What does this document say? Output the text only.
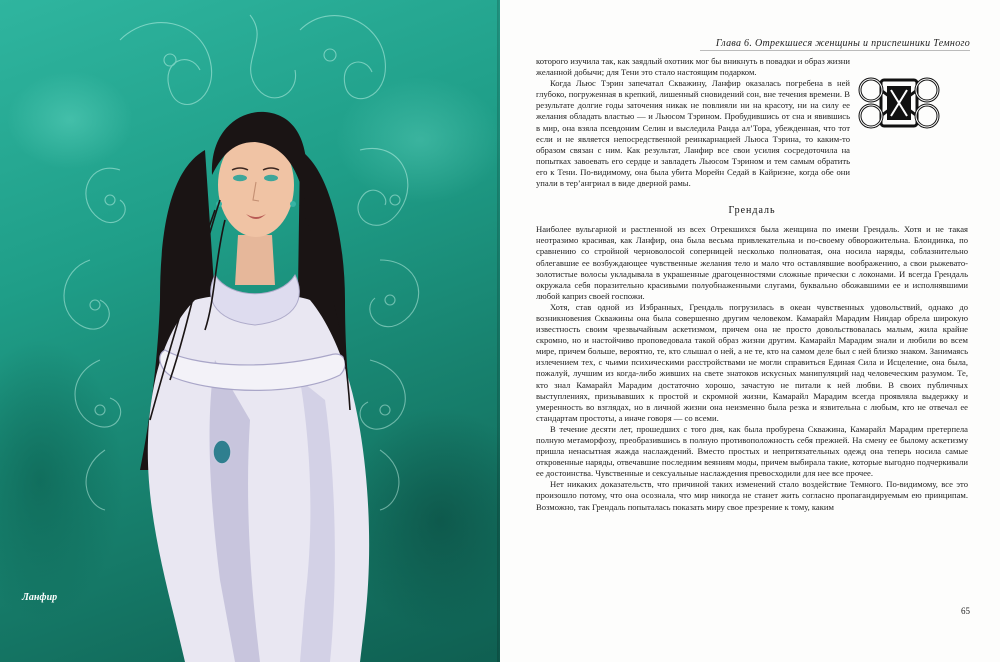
Ланфир
Глава 6. Отрекшиеся женщины и приспешники Темного

которого изучила так, как заядлый охотник мог бы вникнуть в повадки и образ жизни желанной добычи; для Тени это стало настоящим подарком.

Когда Льюс Тэрин запечатал Скважину, Ланфир оказалась погребена в ней глубоко, погруженная в крепкий, лишенный сновидений сон, вне течения времени. В результате долгие годы заточения никак не повлияли ни на красоту, ни на силу ее желания обладать властью — и Льюсом Тэрином. Пробудившись от сна и явившись в мир, она взяла псевдоним Селин и выследила Ранда ал’Тора, убежденная, что тот если и не является непосредственной реинкарнацией Льюса Тэрина, то каким-то образом связан с ним. Как результат, Ланфир все свои усилия сосредоточила на попытках завоевать его сердце и завладеть Льюсом Тэрином и тем самым обратить его к Тени. По-видимому, она была убита Морейн Седай в Кайриэне, когда обе они упали в тер’ангриал в виде дверной рамы.

Грендаль

Наиболее вульгарной и растленной из всех Отрекшихся была женщина по имени Грендаль. Хотя и не такая неотразимо красивая, как Ланфир, она была весьма привлекательна и по-своему обворожительна. Блондинка, по сравнению со стройной черноволосой соперницей несколько полноватая, она носила наряды, соблазнительно облегавшие ее возбуждающее чувственные желания тело и мало что оставлявшие воображению, а свои рыжевато-золотистые волосы укладывала в украшенные драгоценностями сложные прически с локонами. И всегда Грендаль окружала себя поразительно красивыми полуобнаженными слугами, буквально обожавшими ее и исполнявшими любой каприз своей госпожи.

Хотя, став одной из Избранных, Грендаль погрузилась в океан чувственных удовольствий, однако до возникновения Скважины она была совершенно другим человеком. Камарайл Марадим Ниндар обрела широкую известность своим чрезвычайным аскетизмом, причем она не просто довольствовалась малым, жила крайне скромно, но и настойчиво проповедовала такой образ жизни другим. Камарайл Марадим знали и любили во всем мире, причем больше, вероятно, те, кто слышал о ней, а не те, кто на самом деле был с ней близко знаком. Занимаясь излечением тех, с чьими психическими расстройствами не могли справиться Единая Сила и Исцеление, она была, пожалуй, лучшим из когда-либо живших на свете знатоков искусных манипуляций над человеческим разумом. Те, кто знал Камарайл Марадим достаточно хорошо, зачастую не питали к ней любви. В своих публичных выступлениях, призывавших к простой и скромной жизни, Камарайл Марадим всегда проявляла выдержку и умеренность во взглядах, но в личной жизни она неизменно была резка и язвительна с любым, кто не отвечал ее стандартам простоты, а иначе говоря — со всеми.

В течение десяти лет, прошедших с того дня, как была пробурена Скважина, Камарайл Марадим претерпела полную метаморфозу, преобразившись в полную противоположность себя прежней. На смену ее былому аскетизму пришла ненасытная жажда наслаждений. Вместо простых и непритязательных одежд она теперь носила самые откровенные наряды, отвечавшие последним веяниям моды, причем выбирала такие, которые выгодно подчеркивали ее достоинства. Чувственные и сексуальные наслаждения превосходили для нее все прочее.

Нет никаких доказательств, что причиной таких изменений стало воздействие Темного. По-видимому, все это произошло потому, что она осознала, что мир никогда не станет жить согласно пропагандируемым ею принципам. Возможно, так Грендаль попыталась показать миру свое презрение к тому, каким

65
